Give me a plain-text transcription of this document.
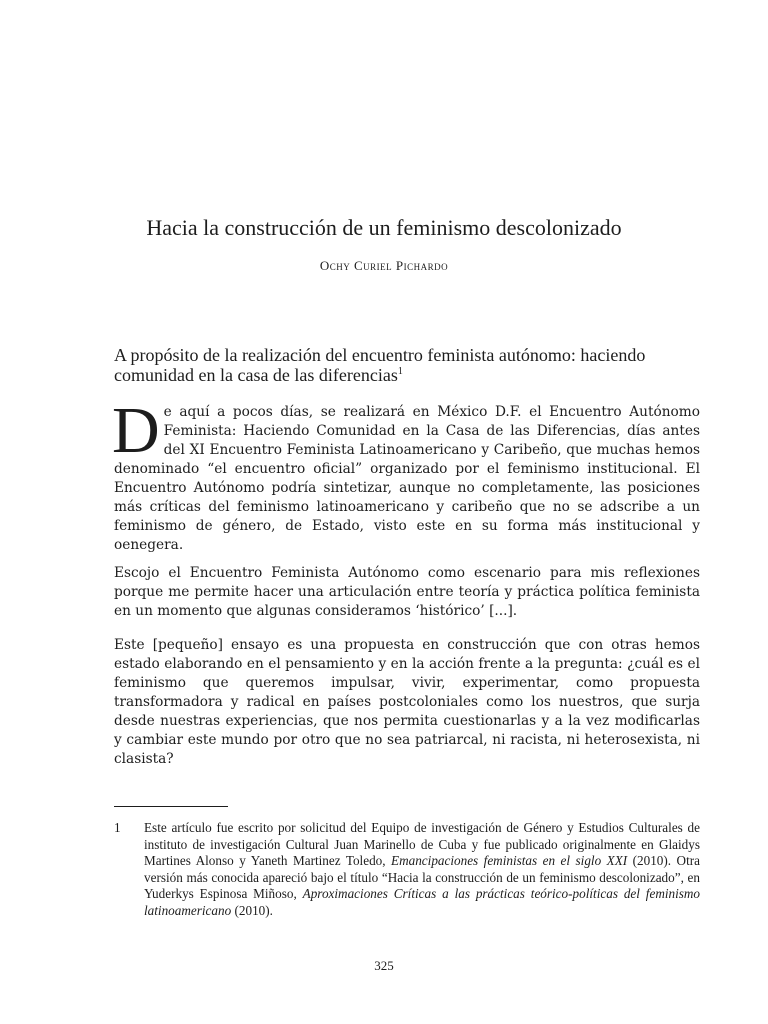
Hacia la construcción de un feminismo descolonizado
Ochy Curiel Pichardo
A propósito de la realización del encuentro feminista autónomo: haciendo comunidad en la casa de las diferencias$^1$

De aquí a pocos días, se realizará en México D.F. el Encuentro Autónomo Feminista: Haciendo Comunidad en la Casa de las Diferencias, días antes del XI Encuentro Feminista Latinoamericano y Caribeño, que muchas hemos denominado “el encuentro oficial” organizado por el feminismo institucional. El Encuentro Autónomo podría sintetizar, aunque no completamente, las posiciones más críticas del feminismo latinoamericano y caribeño que no se adscribe a un feminismo de género, de Estado, visto este en su forma más institucional y oenegera.

Escojo el Encuentro Feminista Autónomo como escenario para mis reflexiones porque me permite hacer una articulación entre teoría y práctica política feminista en un momento que algunas consideramos ‘histórico’ [...].

Este [pequeño] ensayo es una propuesta en construcción que con otras hemos estado elaborando en el pensamiento y en la acción frente a la pregunta: ¿cuál es el feminismo que queremos impulsar, vivir, experimentar, como propuesta transformadora y radical en países postcoloniales como los nuestros, que surja desde nuestras experiencias, que nos permita cuestionarlas y a la vez modificarlas y cambiar este mundo por otro que no sea patriarcal, ni racista, ni heterosexista, ni clasista?

1	Este artículo fue escrito por solicitud del Equipo de investigación de Género y Estudios Culturales de instituto de investigación Cultural Juan Marinello de Cuba y fue publicado originalmente en Glaidys Martines Alonso y Yaneth Martinez Toledo, Emancipaciones feministas en el siglo XXI (2010). Otra versión más conocida apareció bajo el título “Hacia la construcción de un feminismo descolonizado”, en Yuderkys Espinosa Miñoso, Aproximaciones Críticas a las prácticas teórico-políticas del feminismo latinoamericano (2010).
325
